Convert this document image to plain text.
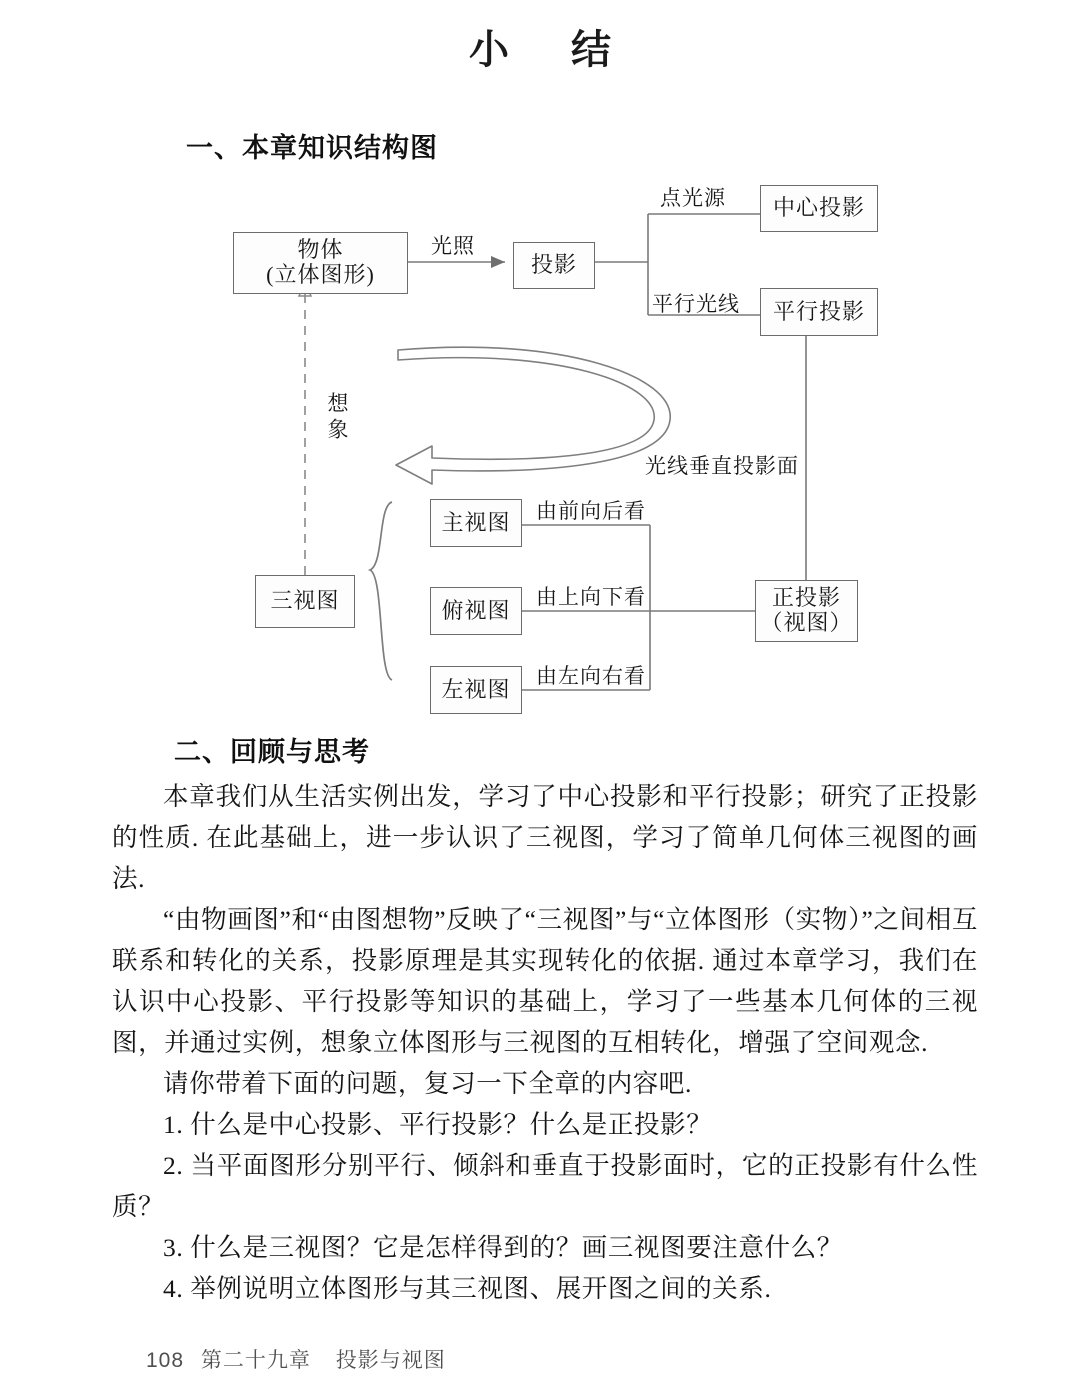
小 结
一、本章知识结构图
物体
(立体图形)	投影
中心投影
平行投影
正投影
（视图）
三视图
主视图
俯视图
左视图
光照
点光源
平行光线
光线垂直投影面
想象
由前向后看
由上向下看
由左向右看
二、回顾与思考

本章我们从生活实例出发，学习了中心投影和平行投影；研究了正投影的性质. 在此基础上，进一步认识了三视图，学习了简单几何体三视图的画法.

“由物画图”和“由图想物”反映了“三视图”与“立体图形（实物）”之间相互联系和转化的关系，投影原理是其实现转化的依据. 通过本章学习，我们在认识中心投影、平行投影等知识的基础上，学习了一些基本几何体的三视图，并通过实例，想象立体图形与三视图的互相转化，增强了空间观念.

请你带着下面的问题，复习一下全章的内容吧.

1. 什么是中心投影、平行投影？什么是正投影？
2. 当平面图形分别平行、倾斜和垂直于投影面时，它的正投影有什么性质？
3. 什么是三视图？它是怎样得到的？画三视图要注意什么？
4. 举例说明立体图形与其三视图、展开图之间的关系.
108 第二十九章 投影与视图
